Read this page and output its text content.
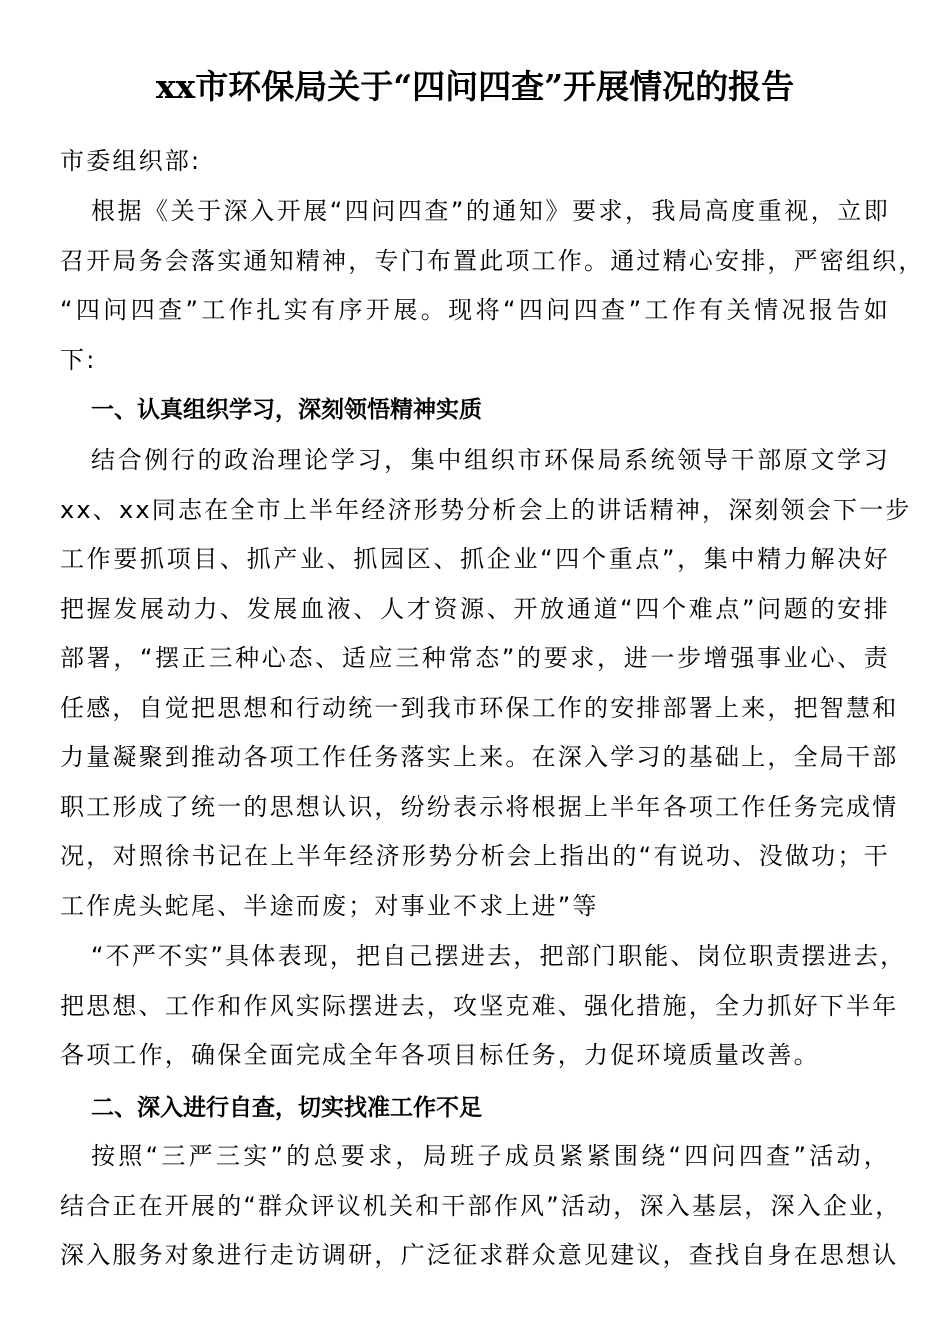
xx市环保局关于“四问四查”开展情况的报告
市委组织部:
根据《关于深入开展“四问四查”的通知》要求，我局高度重视，立即
召开局务会落实通知精神，专门布置此项工作。通过精心安排，严密组织，
“四问四查”工作扎实有序开展。现将“四问四查”工作有关情况报告如
下:
一、认真组织学习，深刻领悟精神实质
结合例行的政治理论学习，集中组织市环保局系统领导干部原文学习
xx、xx同志在全市上半年经济形势分析会上的讲话精神，深刻领会下一步
工作要抓项目、抓产业、抓园区、抓企业“四个重点”，集中精力解决好
把握发展动力、发展血液、人才资源、开放通道“四个难点”问题的安排
部署，“摆正三种心态、适应三种常态”的要求，进一步增强事业心、责
任感，自觉把思想和行动统一到我市环保工作的安排部署上来，把智慧和
力量凝聚到推动各项工作任务落实上来。在深入学习的基础上，全局干部
职工形成了统一的思想认识，纷纷表示将根据上半年各项工作任务完成情
况，对照徐书记在上半年经济形势分析会上指出的“有说功、没做功；干
工作虎头蛇尾、半途而废；对事业不求上进”等
“不严不实”具体表现，把自己摆进去，把部门职能、岗位职责摆进去，
把思想、工作和作风实际摆进去，攻坚克难、强化措施，全力抓好下半年
各项工作，确保全面完成全年各项目标任务，力促环境质量改善。
二、深入进行自查，切实找准工作不足
按照“三严三实”的总要求，局班子成员紧紧围绕“四问四查”活动，
结合正在开展的“群众评议机关和干部作风”活动，深入基层，深入企业，
深入服务对象进行走访调研，广泛征求群众意见建议，查找自身在思想认
